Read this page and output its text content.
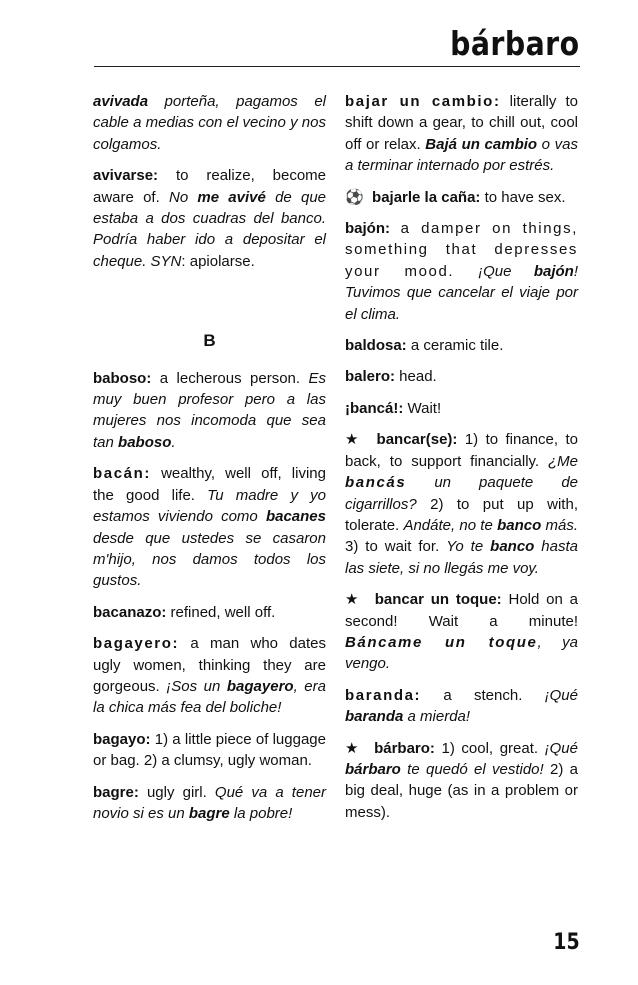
bárbaro

avivada porteña, pagamos el cable a medias con el vecino y nos colgamos.

avivarse: to realize, become aware of. No me avivé de que estaba a dos cuadras del banco. Podría haber ido a depositar el cheque. SYN: apiolarse.

B

baboso: a lecherous person. Es muy buen profesor pero a las mujeres nos incomoda que sea tan baboso.

bacán: wealthy, well off, living the good life. Tu madre y yo estamos viviendo como bacanes desde que ustedes se casaron m'hijo, nos damos todos los gustos.

bacanazo: refined, well off.

bagayero: a man who dates ugly women, thinking they are gorgeous. ¡Sos un bagayero, era la chica más fea del boliche!

bagayo: 1) a little piece of luggage or bag. 2) a clumsy, ugly woman.

bagre: ugly girl. Qué va a tener novio si es un bagre la pobre!

bajar un cambio: literally to shift down a gear, to chill out, cool off or relax. Bajá un cambio o vas a terminar internado por estrés.

⚽ bajarle la caña: to have sex.

bajón: a damper on things, something that depresses your mood. ¡Que bajón! Tuvimos que cancelar el viaje por el clima.

baldosa: a ceramic tile.

balero: head.

¡bancá!: Wait!

★ bancar(se): 1) to finance, to back, to support financially. ¿Me bancás un paquete de cigarrillos? 2) to put up with, tolerate. Andáte, no te banco más. 3) to wait for. Yo te banco hasta las siete, si no llegás me voy.

★ bancar un toque: Hold on a second! Wait a minute! Báncame un toque, ya vengo.

baranda: a stench. ¡Qué baranda a mierda!

★ bárbaro: 1) cool, great. ¡Qué bárbaro te quedó el vestido! 2) a big deal, huge (as in a problem or mess).

15
